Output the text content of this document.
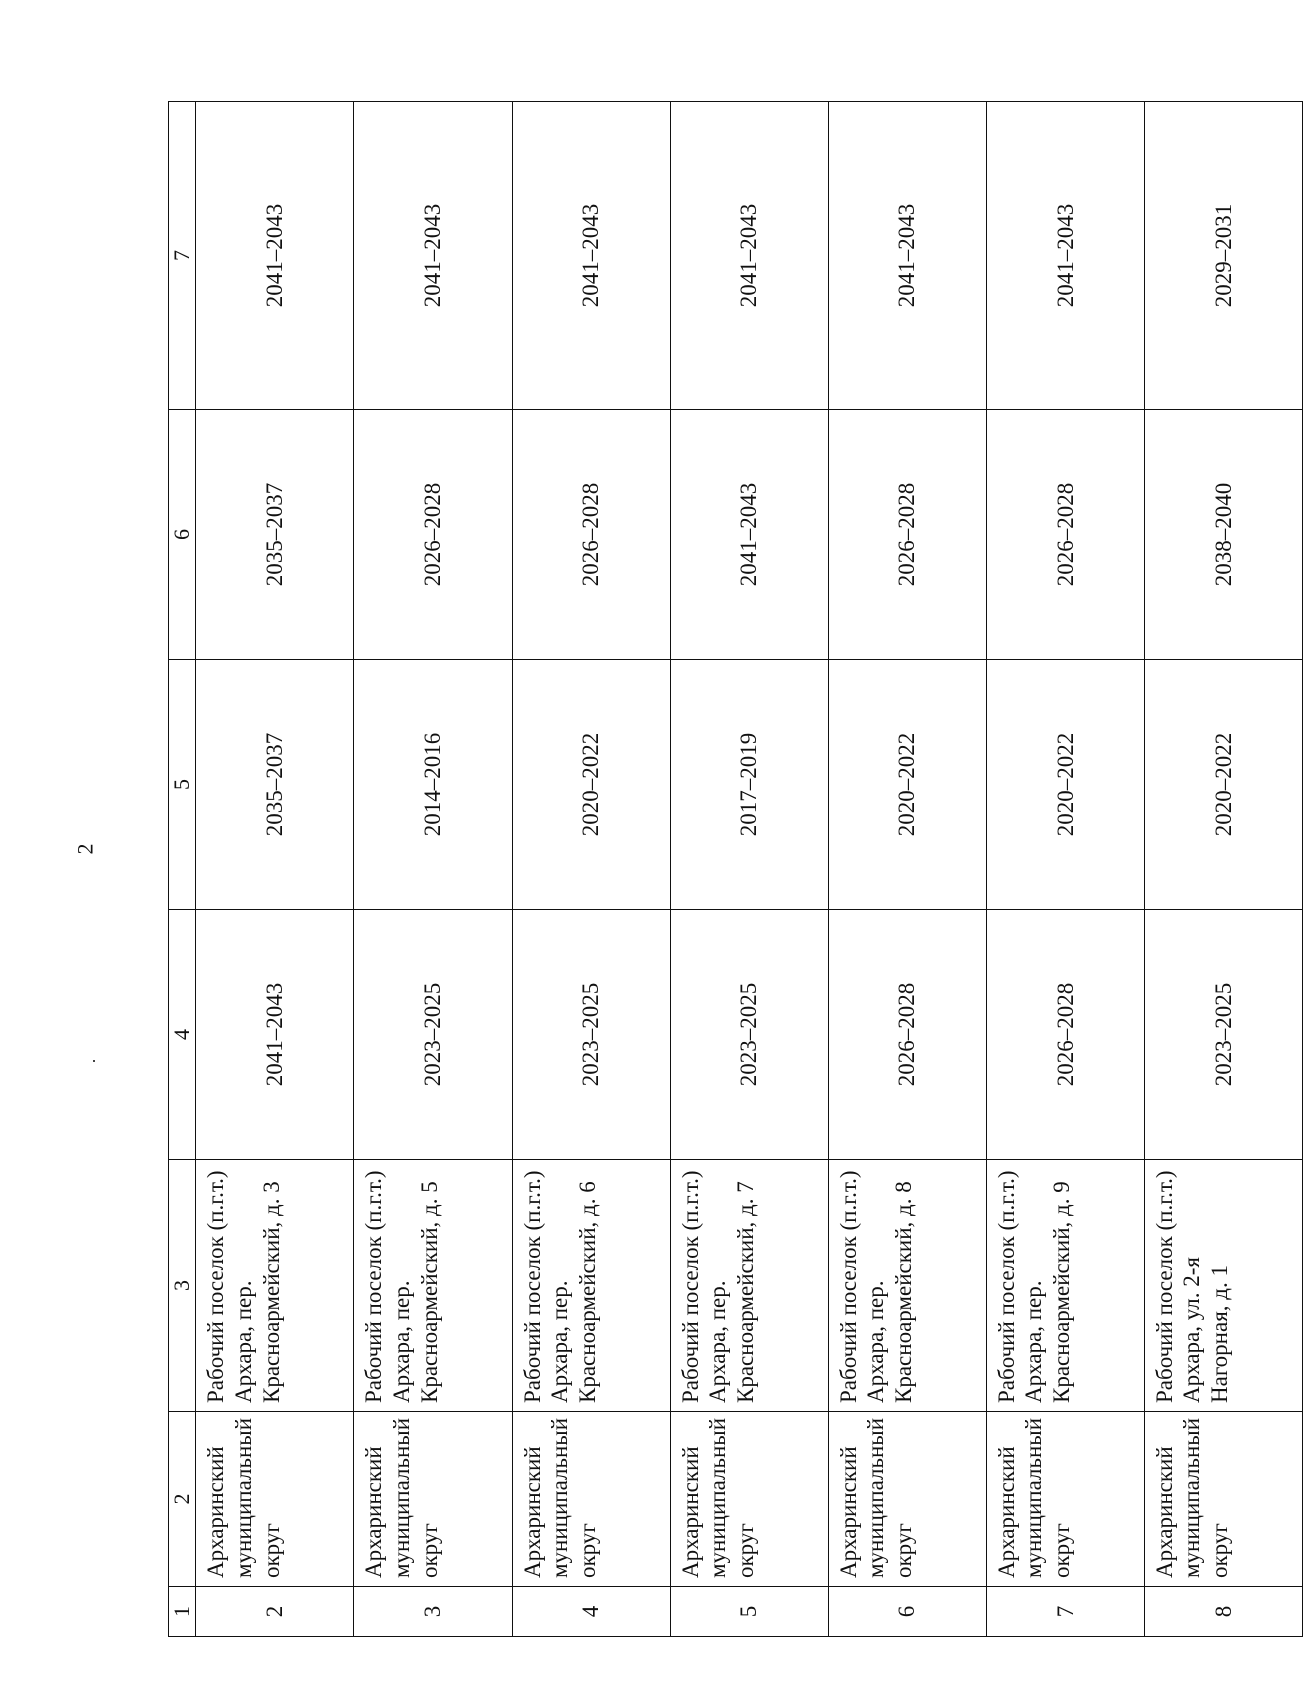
2
1	2	3	4	5	6	7
2	Архаринский муниципальный округ	Рабочий поселок (п.г.т.) Архара, пер. Красноармейский, д. 3	2041–2043	2035–2037	2035–2037	2041–2043
3	Архаринский муниципальный округ	Рабочий поселок (п.г.т.) Архара, пер. Красноармейский, д. 5	2023–2025	2014–2016	2026–2028	2041–2043
4	Архаринский муниципальный округ	Рабочий поселок (п.г.т.) Архара, пер. Красноармейский, д. 6	2023–2025	2020–2022	2026–2028	2041–2043
5	Архаринский муниципальный округ	Рабочий поселок (п.г.т.) Архара, пер. Красноармейский, д. 7	2023–2025	2017–2019	2041–2043	2041–2043
6	Архаринский муниципальный округ	Рабочий поселок (п.г.т.) Архара, пер. Красноармейский, д. 8	2026–2028	2020–2022	2026–2028	2041–2043
7	Архаринский муниципальный округ	Рабочий поселок (п.г.т.) Архара, пер. Красноармейский, д. 9	2026–2028	2020–2022	2026–2028	2041–2043
8	Архаринский муниципальный округ	Рабочий поселок (п.г.т.) Архара, ул. 2-я Нагорная, д. 1	2023–2025	2020–2022	2038–2040	2029–2031
